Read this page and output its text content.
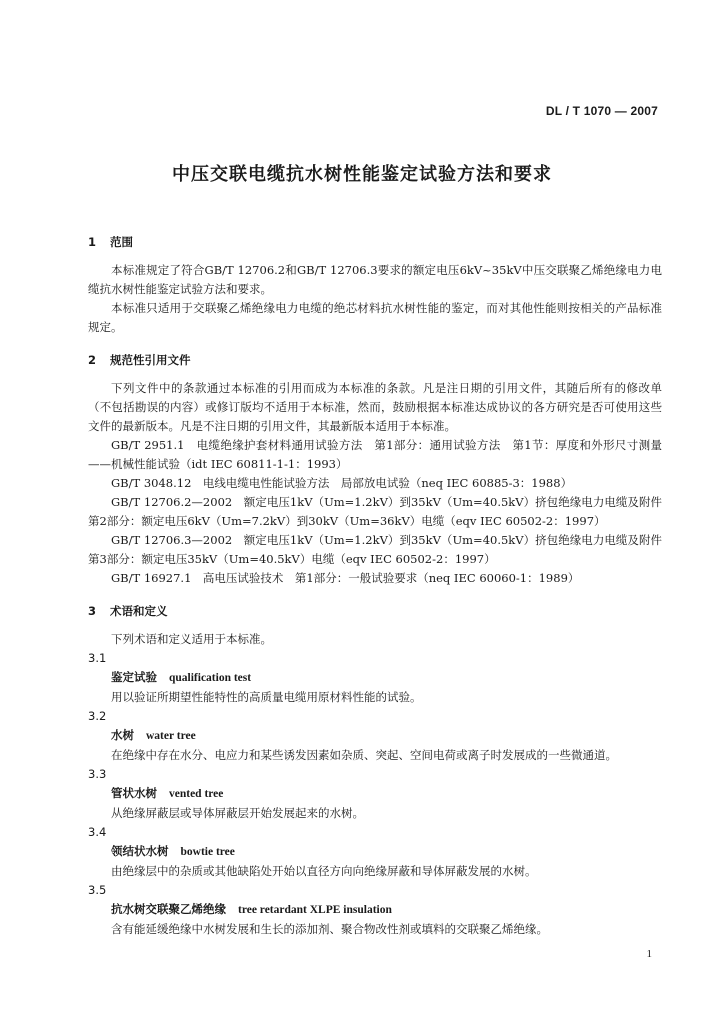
DL / T 1070 — 2007
中压交联电缆抗水树性能鉴定试验方法和要求

1 范围

本标准规定了符合GB/T 12706.2和GB/T 12706.3要求的额定电压6kV~35kV中压交联聚乙烯绝缘电力电缆抗水树性能鉴定试验方法和要求。

本标准只适用于交联聚乙烯绝缘电力电缆的绝芯材料抗水树性能的鉴定，而对其他性能则按相关的产品标准规定。

2 规范性引用文件

下列文件中的条款通过本标准的引用而成为本标准的条款。凡是注日期的引用文件，其随后所有的修改单（不包括勘误的内容）或修订版均不适用于本标准，然而，鼓励根据本标准达成协议的各方研究是否可使用这些文件的最新版本。凡是不注日期的引用文件，其最新版本适用于本标准。

GB/T 2951.1　电缆绝缘护套材料通用试验方法　第1部分：通用试验方法　第1节：厚度和外形尺寸测量——机械性能试验（idt IEC 60811-1-1：1993）

GB/T 3048.12　电线电缆电性能试验方法　局部放电试验（neq IEC 60885-3：1988）

GB/T 12706.2—2002　额定电压1kV（Um=1.2kV）到35kV（Um=40.5kV）挤包绝缘电力电缆及附件　第2部分：额定电压6kV（Um=7.2kV）到30kV（Um=36kV）电缆（eqv IEC 60502-2：1997）

GB/T 12706.3—2002　额定电压1kV（Um=1.2kV）到35kV（Um=40.5kV）挤包绝缘电力电缆及附件　第3部分：额定电压35kV（Um=40.5kV）电缆（eqv IEC 60502-2：1997）

GB/T 16927.1　高电压试验技术　第1部分：一般试验要求（neq IEC 60060-1：1989）

3 术语和定义

下列术语和定义适用于本标准。

3.1

鉴定试验 qualification test

用以验证所期望性能特性的高质量电缆用原材料性能的试验。

3.2

水树 water tree

在绝缘中存在水分、电应力和某些诱发因素如杂质、突起、空间电荷或离子时发展成的一些微通道。

3.3

管状水树 vented tree

从绝缘屏蔽层或导体屏蔽层开始发展起来的水树。

3.4

领结状水树 bowtie tree

由绝缘层中的杂质或其他缺陷处开始以直径方向向绝缘屏蔽和导体屏蔽发展的水树。

3.5

抗水树交联聚乙烯绝缘 tree retardant XLPE insulation

含有能延缓绝缘中水树发展和生长的添加剂、聚合物改性剂或填料的交联聚乙烯绝缘。

1
